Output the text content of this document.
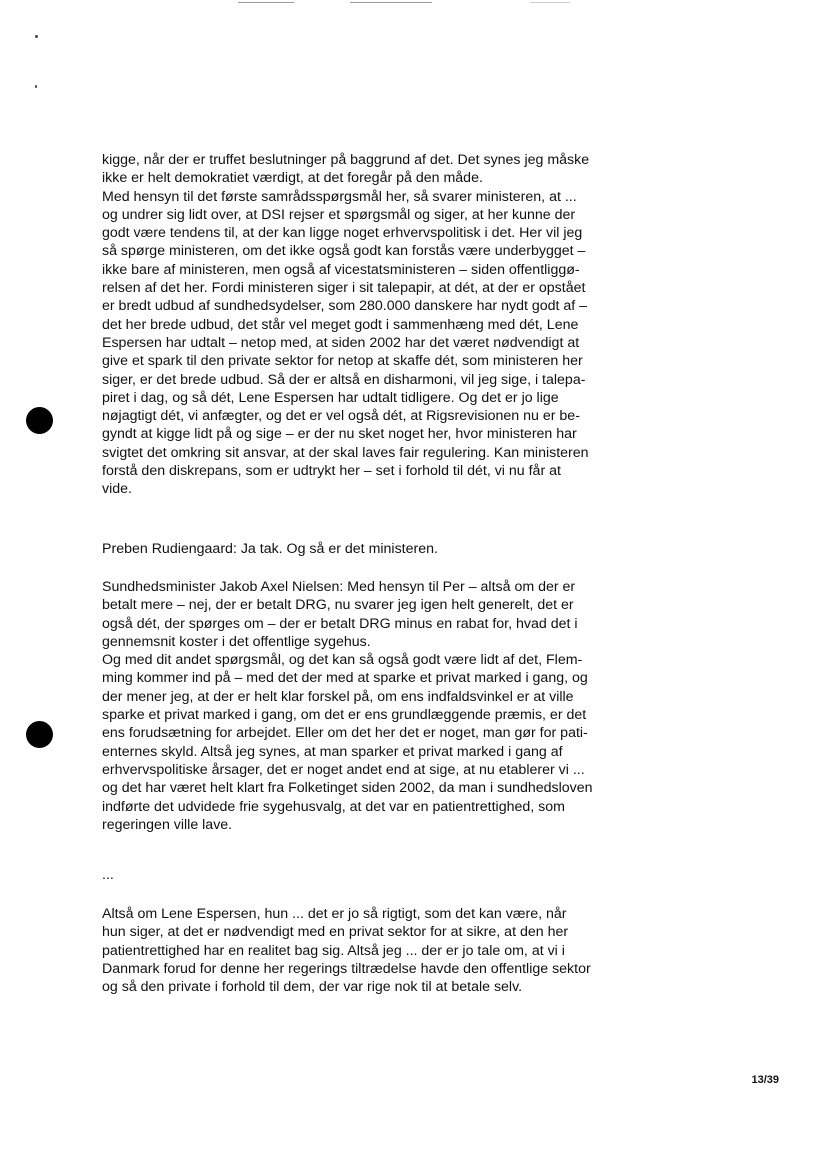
kigge, når der er truffet beslutninger på baggrund af det. Det synes jeg måske
ikke er helt demokratiet værdigt, at det foregår på den måde.
Med hensyn til det første samrådsspørgsmål her, så svarer ministeren, at ...
og undrer sig lidt over, at DSI rejser et spørgsmål og siger, at her kunne der
godt være tendens til, at der kan ligge noget erhvervspolitisk i det. Her vil jeg
så spørge ministeren, om det ikke også godt kan forstås være underbygget –
ikke bare af ministeren, men også af vicestatsministeren – siden offentliggø-
relsen af det her. Fordi ministeren siger i sit talepapir, at dét, at der er opstået
er bredt udbud af sundhedsydelser, som 280.000 danskere har nydt godt af –
det her brede udbud, det står vel meget godt i sammenhæng med dét, Lene
Espersen har udtalt – netop med, at siden 2002 har det været nødvendigt at
give et spark til den private sektor for netop at skaffe dét, som ministeren her
siger, er det brede udbud. Så der er altså en disharmoni, vil jeg sige, i talepa-
piret i dag, og så dét, Lene Espersen har udtalt tidligere. Og det er jo lige
nøjagtigt dét, vi anfægter, og det er vel også dét, at Rigsrevisionen nu er be-
gyndt at kigge lidt på og sige – er der nu sket noget her, hvor ministeren har
svigtet det omkring sit ansvar, at der skal laves fair regulering. Kan ministeren
forstå den diskrepans, som er udtrykt her – set i forhold til dét, vi nu får at
vide.

Preben Rudiengaard: Ja tak. Og så er det ministeren.

Sundhedsminister Jakob Axel Nielsen: Med hensyn til Per – altså om der er
betalt mere – nej, der er betalt DRG, nu svarer jeg igen helt generelt, det er
også dét, der spørges om – der er betalt DRG minus en rabat for, hvad det i
gennemsnit koster i det offentlige sygehus.
Og med dit andet spørgsmål, og det kan så også godt være lidt af det, Flem-
ming kommer ind på – med det der med at sparke et privat marked i gang, og
der mener jeg, at der er helt klar forskel på, om ens indfaldsvinkel er at ville
sparke et privat marked i gang, om det er ens grundlæggende præmis, er det
ens forudsætning for arbejdet. Eller om det her det er noget, man gør for pati-
enternes skyld. Altså jeg synes, at man sparker et privat marked i gang af
erhvervspolitiske årsager, det er noget andet end at sige, at nu etablerer vi ...
og det har været helt klart fra Folketinget siden 2002, da man i sundhedsloven
indførte det udvidede frie sygehusvalg, at det var en patientrettighed, som
regeringen ville lave.

...

Altså om Lene Espersen, hun ... det er jo så rigtigt, som det kan være, når
hun siger, at det er nødvendigt med en privat sektor for at sikre, at den her
patientrettighed har en realitet bag sig. Altså jeg ... der er jo tale om, at vi i
Danmark forud for denne her regerings tiltrædelse havde den offentlige sektor
og så den private i forhold til dem, der var rige nok til at betale selv.

13/39
